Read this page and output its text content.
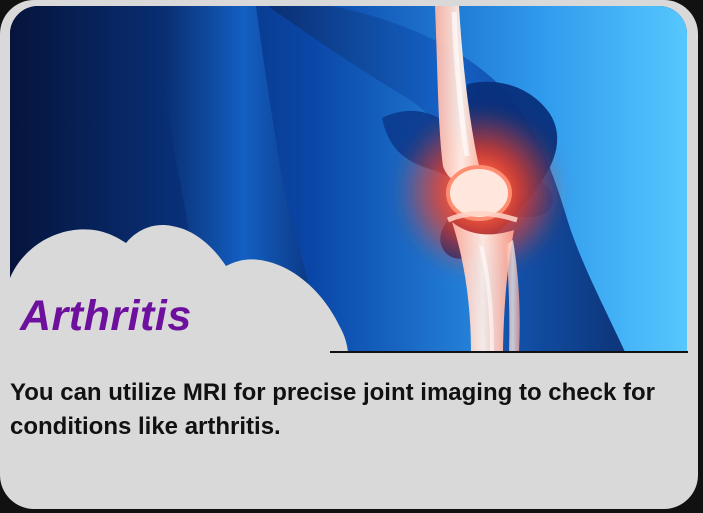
Arthritis

You can utilize MRI for precise joint imaging to check for conditions like arthritis.
